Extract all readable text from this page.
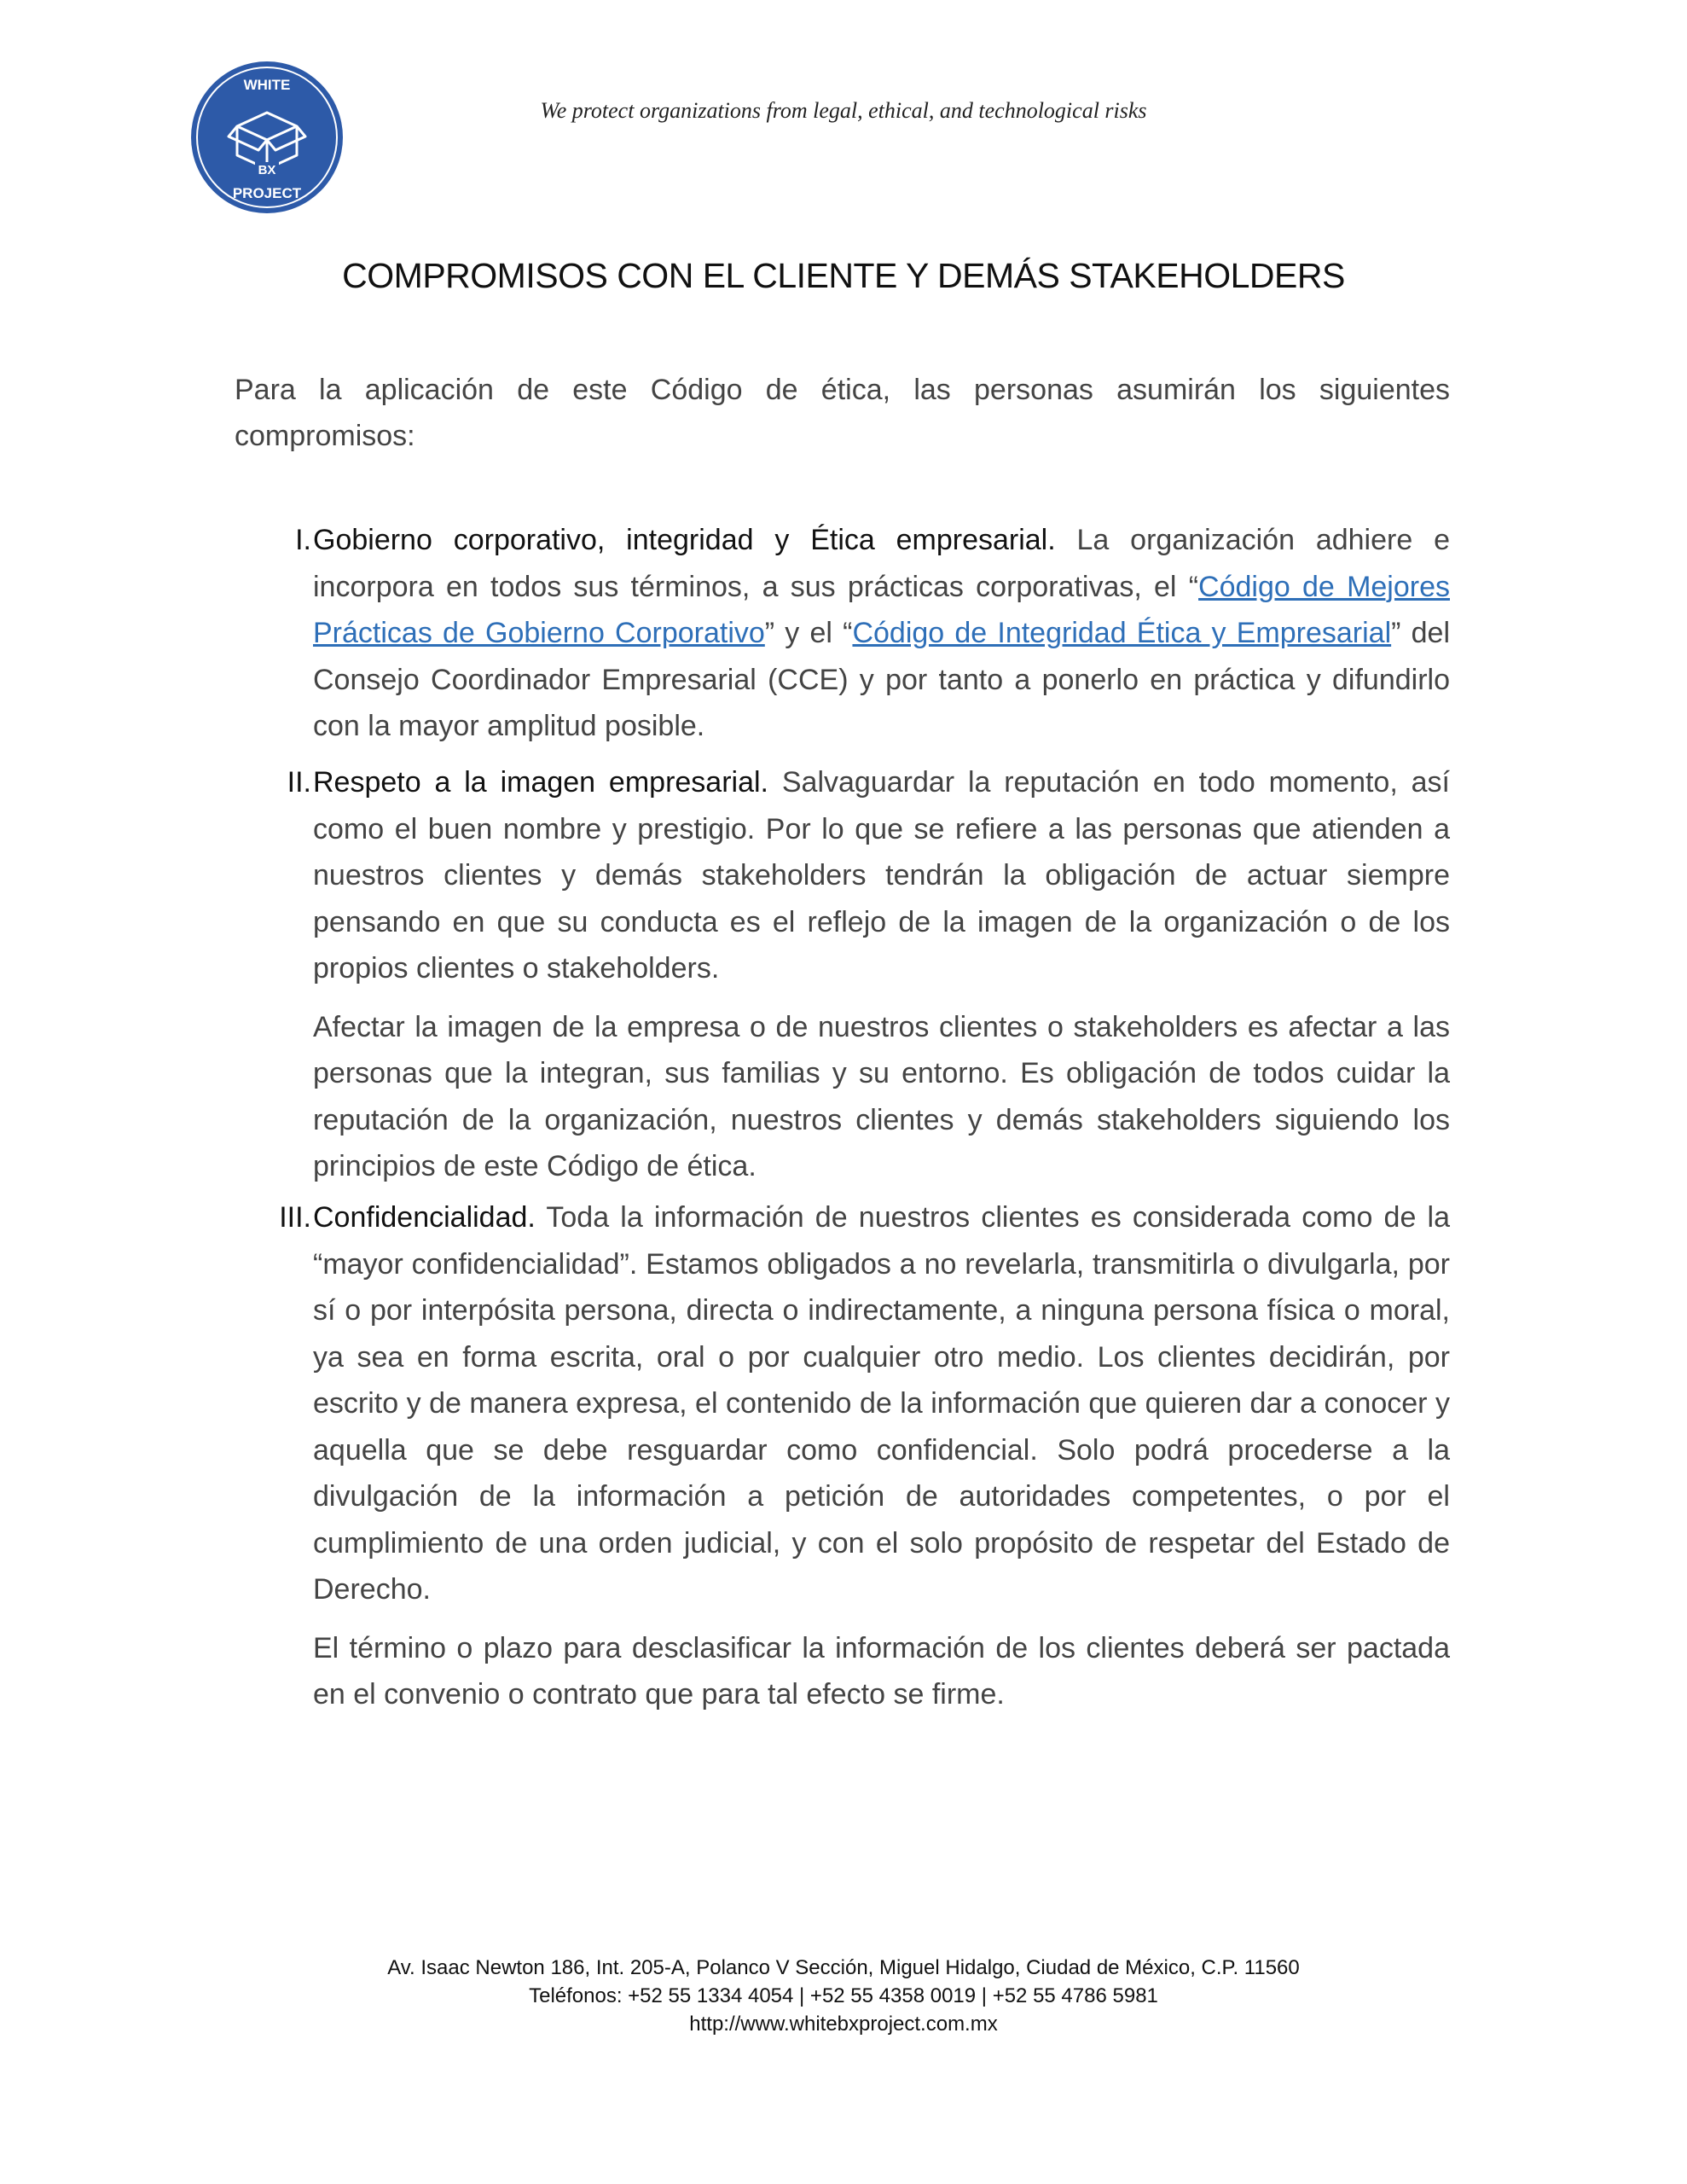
WHITE
BX
PROJECT
We protect organizations from legal, ethical, and technological risks
COMPROMISOS CON EL CLIENTE Y DEMÁS STAKEHOLDERS
Para la aplicación de este Código de ética, las personas asumirán los siguientes compromisos:
I. Gobierno corporativo, integridad y Ética empresarial. La organización adhiere e incorpora en todos sus términos, a sus prácticas corporativas, el “Código de Mejores Prácticas de Gobierno Corporativo” y el “Código de Integridad Ética y Empresarial” del Consejo Coordinador Empresarial (CCE) y por tanto a ponerlo en práctica y difundirlo con la mayor amplitud posible.

II. Respeto a la imagen empresarial. Salvaguardar la reputación en todo momento, así como el buen nombre y prestigio. Por lo que se refiere a las personas que atienden a nuestros clientes y demás stakeholders tendrán la obligación de actuar siempre pensando en que su conducta es el reflejo de la imagen de la organización o de los propios clientes o stakeholders.

Afectar la imagen de la empresa o de nuestros clientes o stakeholders es afectar a las personas que la integran, sus familias y su entorno. Es obligación de todos cuidar la reputación de la organización, nuestros clientes y demás stakeholders siguiendo los principios de este Código de ética.

III. Confidencialidad. Toda la información de nuestros clientes es considerada como de la “mayor confidencialidad”. Estamos obligados a no revelarla, transmitirla o divulgarla, por sí o por interpósita persona, directa o indirectamente, a ninguna persona física o moral, ya sea en forma escrita, oral o por cualquier otro medio. Los clientes decidirán, por escrito y de manera expresa, el contenido de la información que quieren dar a conocer y aquella que se debe resguardar como confidencial. Solo podrá procederse a la divulgación de la información a petición de autoridades competentes, o por el cumplimiento de una orden judicial, y con el solo propósito de respetar del Estado de Derecho.

El término o plazo para desclasificar la información de los clientes deberá ser pactada en el convenio o contrato que para tal efecto se firme.

Av. Isaac Newton 186, Int. 205-A, Polanco V Sección, Miguel Hidalgo, Ciudad de México, C.P. 11560
Teléfonos: +52 55 1334 4054 | +52 55 4358 0019 | +52 55 4786 5981
http://www.whitebxproject.com.mx
